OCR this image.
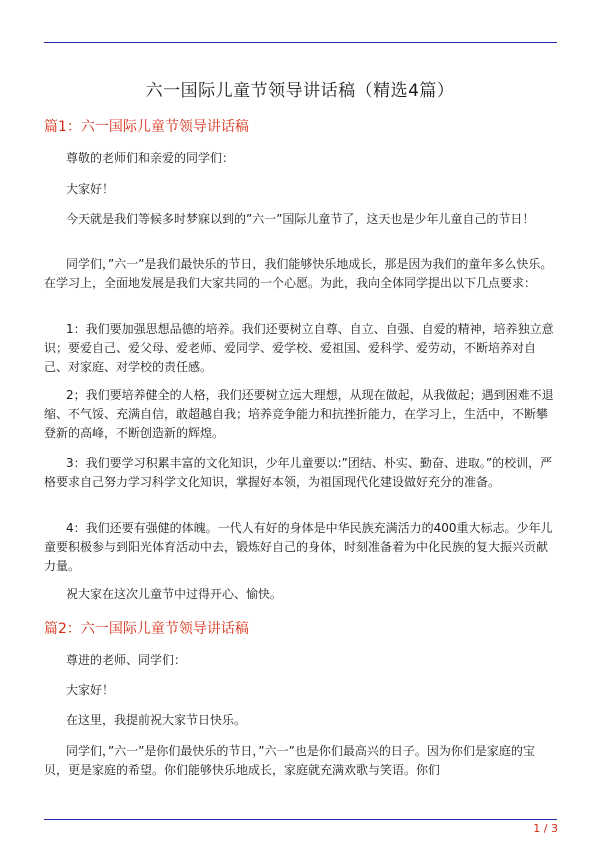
六一国际儿童节领导讲话稿（精选4篇）
篇1：六一国际儿童节领导讲话稿

尊敬的老师们和亲爱的同学们：

大家好！

今天就是我们等候多时梦寐以到的”六一”国际儿童节了，这天也是少年儿童自己的节日！

同学们，”六一”是我们最快乐的节日，我们能够快乐地成长，那是因为我们的童年多么快乐。在学习上，全面地发展是我们大家共同的一个心愿。为此，我向全体同学提出以下几点要求：

1：我们要加强思想品德的培养。我们还要树立自尊、自立、自强、自爱的精神，培养独立意识；要爱自己、爱父母、爱老师、爱同学、爱学校、爱祖国、爱科学、爱劳动，不断培养对自己、对家庭、对学校的责任感。

2；我们要培养健全的人格，我们还要树立远大理想，从现在做起，从我做起；遇到困难不退缩、不气馁、充满自信，敢超越自我；培养竞争能力和抗挫折能力，在学习上，生活中，不断攀登新的高峰，不断创造新的辉煌。

3：我们要学习积累丰富的文化知识，少年儿童要以:”团结、朴实、勤奋、进取。”的校训，严格要求自己努力学习科学文化知识，掌握好本领，为祖国现代化建设做好充分的准备。

4：我们还要有强健的体魄。一代人有好的身体是中华民族充满活力的400重大标志。少年儿童要积极参与到阳光体育活动中去，锻炼好自己的身体，时刻准备着为中化民族的复大振兴贡献力量。

祝大家在这次儿童节中过得开心、愉快。

篇2：六一国际儿童节领导讲话稿

尊进的老师、同学们：

大家好！

在这里，我提前祝大家节日快乐。

同学们，”六一”是你们最快乐的节日，”六一”也是你们最高兴的日子。因为你们是家庭的宝贝，更是家庭的希望。你们能够快乐地成长，家庭就充满欢歌与笑语。你们

1 / 3
